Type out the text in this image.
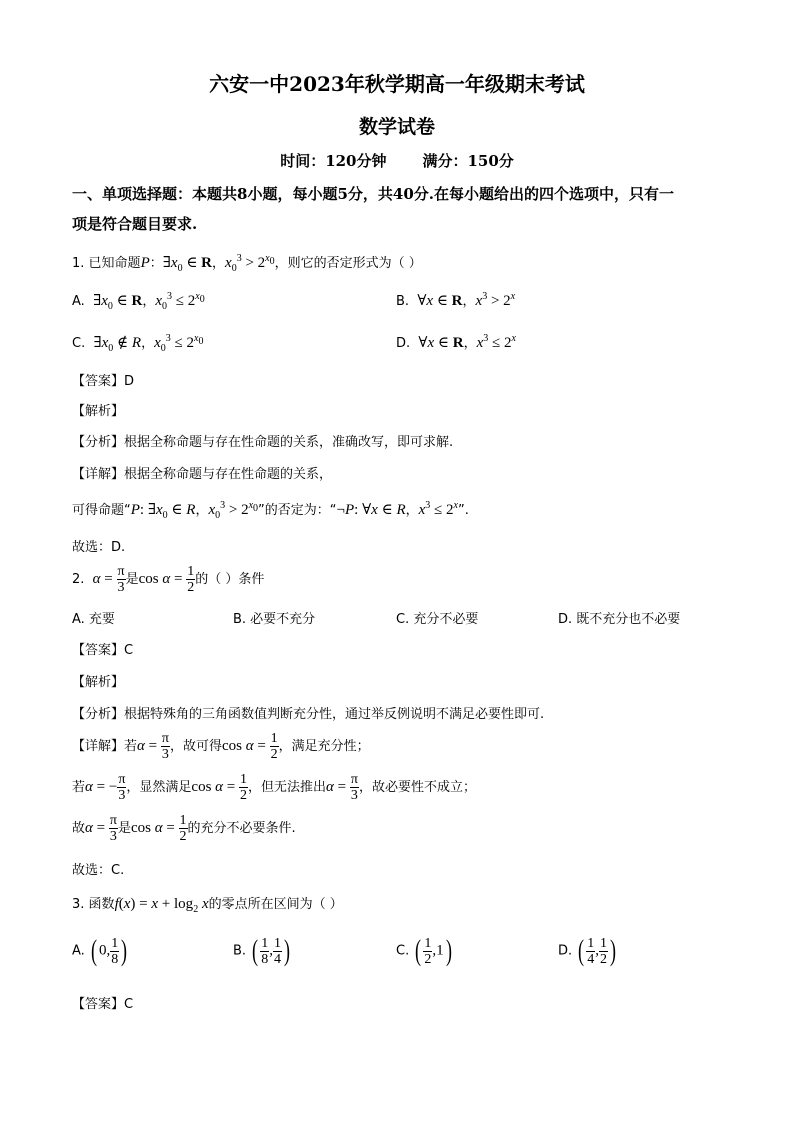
六安一中2023年秋学期高一年级期末考试
数学试卷
时间：120分钟 满分：150分
一、单项选择题：本题共8小题，每小题5分，共40分.在每小题给出的四个选项中，只有一
项是符合题目要求.
1. 已知命题P：$\exists x_0$ ∈ R，$x_0^3 > 2^{x_0}$，则它的否定形式为（ ）
A. $\exists x_0$ ∈ R，$x_0^3 \le 2^{x_0}$	B. ∀x ∈ R，$x^3 > 2^x$
C. $\exists x_0$ ∉ R，$x_0^3 \le 2^{x_0}$	D. ∀x ∈ R，$x^3 \le 2^x$
【答案】D
【解析】
【分析】根据全称命题与存在性命题的关系，准确改写，即可求解.
【详解】根据全称命题与存在性命题的关系，
可得命题“P: $\exists x_0$ ∈ R，$x_0^3 > 2^{x_0}$”的否定为：“¬P: ∀x ∈ R，$x^3 \le 2^x$”.
故选：D.
2. $\alpha = \frac{\pi}{3}$ 是$\cos \alpha = \frac{1}{2}$ 的（ ）条件
A. 充要	B. 必要不充分	C. 充分不必要	D. 既不充分也不必要
【答案】C
【解析】
【分析】根据特殊角的三角函数值判断充分性，通过举反例说明不满足必要性即可.
【详解】若$\alpha = \frac{\pi}{3}$ ，故可得$\cos \alpha = \frac{1}{2}$ ，满足充分性；
若α = − $\frac{\pi}{3}$ ，显然满足$\cos \alpha = \frac{1}{2}$ ，但无法推出$\alpha = \frac{\pi}{3}$ ，故必要性不成立；
故$\alpha = \frac{\pi}{3}$ 是$\cos \alpha = \frac{1}{2}$ 的充分不必要条件.
故选：C.
3. 函数$f(x) = x + \log_2 x$的零点所在区间为（ ）
A. ( 0, $\frac{1}{8}$ )	B. ( $\frac{1}{8}$ , $\frac{1}{4}$ )	C. ( $\frac{1}{2} ,1$)	D. ( $\frac{1}{4}$ , $\frac{1}{2}$ )
【答案】C
